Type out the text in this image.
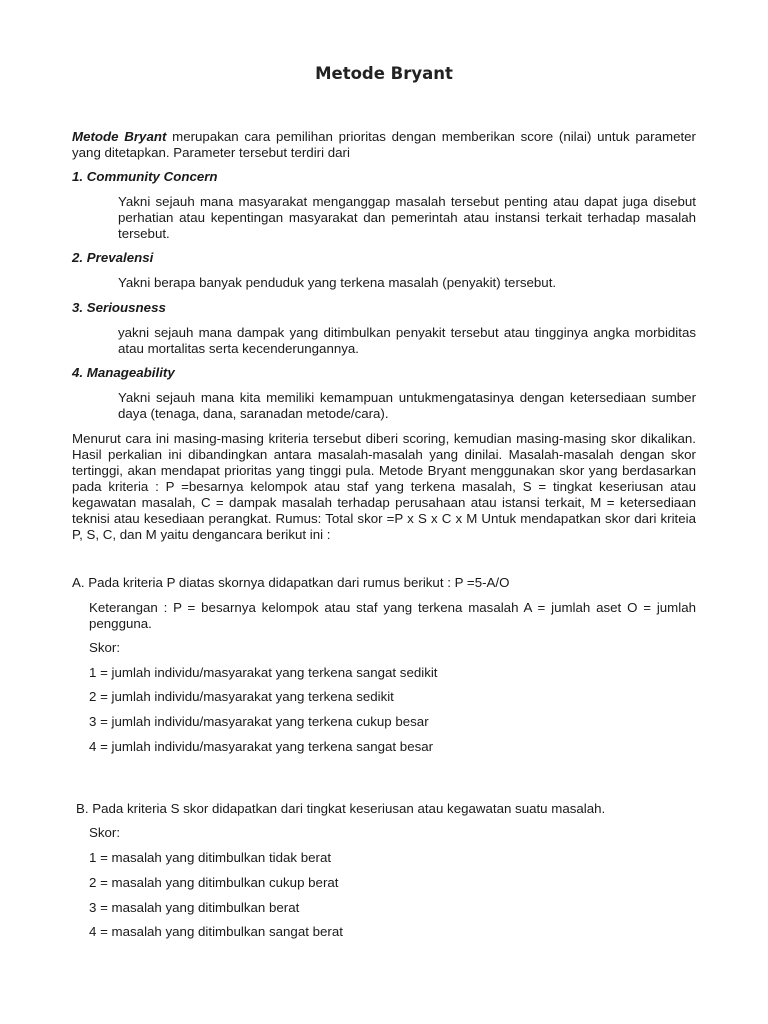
Metode Bryant

Metode Bryant merupakan cara pemilihan prioritas dengan memberikan score (nilai) untuk parameter yang ditetapkan. Parameter tersebut terdiri dari

1. Community Concern

Yakni sejauh mana masyarakat menganggap masalah tersebut penting atau dapat juga disebut perhatian atau kepentingan masyarakat dan pemerintah atau instansi terkait terhadap masalah tersebut.

2. Prevalensi

Yakni berapa banyak penduduk yang terkena masalah (penyakit) tersebut.

3. Seriousness

yakni sejauh mana dampak yang ditimbulkan penyakit tersebut atau tingginya angka morbiditas atau mortalitas serta kecenderungannya.

4. Manageability

Yakni sejauh mana kita memiliki kemampuan untukmengatasinya dengan ketersediaan sumber daya (tenaga, dana, saranadan metode/cara).

Menurut cara ini masing-masing kriteria tersebut diberi scoring, kemudian masing-masing skor dikalikan. Hasil perkalian ini dibandingkan antara masalah-masalah yang dinilai. Masalah-masalah dengan skor tertinggi, akan mendapat prioritas yang tinggi pula. Metode Bryant menggunakan skor yang berdasarkan pada kriteria : P =besarnya kelompok atau staf yang terkena masalah, S = tingkat keseriusan atau kegawatan masalah, C = dampak masalah terhadap perusahaan atau istansi terkait, M = ketersediaan teknisi atau kesediaan perangkat. Rumus: Total skor =P x S x C x M Untuk mendapatkan skor dari kriteia P, S, C, dan M yaitu dengancara berikut ini :

A. Pada kriteria P diatas skornya didapatkan dari rumus berikut : P =5-A/O

Keterangan : P = besarnya kelompok atau staf yang terkena masalah A = jumlah aset O = jumlah pengguna.

Skor:

1 = jumlah individu/masyarakat yang terkena sangat sedikit

2 = jumlah individu/masyarakat yang terkena sedikit

3 = jumlah individu/masyarakat yang terkena cukup besar

4 = jumlah individu/masyarakat yang terkena sangat besar

B. Pada kriteria S skor didapatkan dari tingkat keseriusan atau kegawatan suatu masalah.

Skor:

1 = masalah yang ditimbulkan tidak berat

2 = masalah yang ditimbulkan cukup berat

3 = masalah yang ditimbulkan berat

4 = masalah yang ditimbulkan sangat berat
